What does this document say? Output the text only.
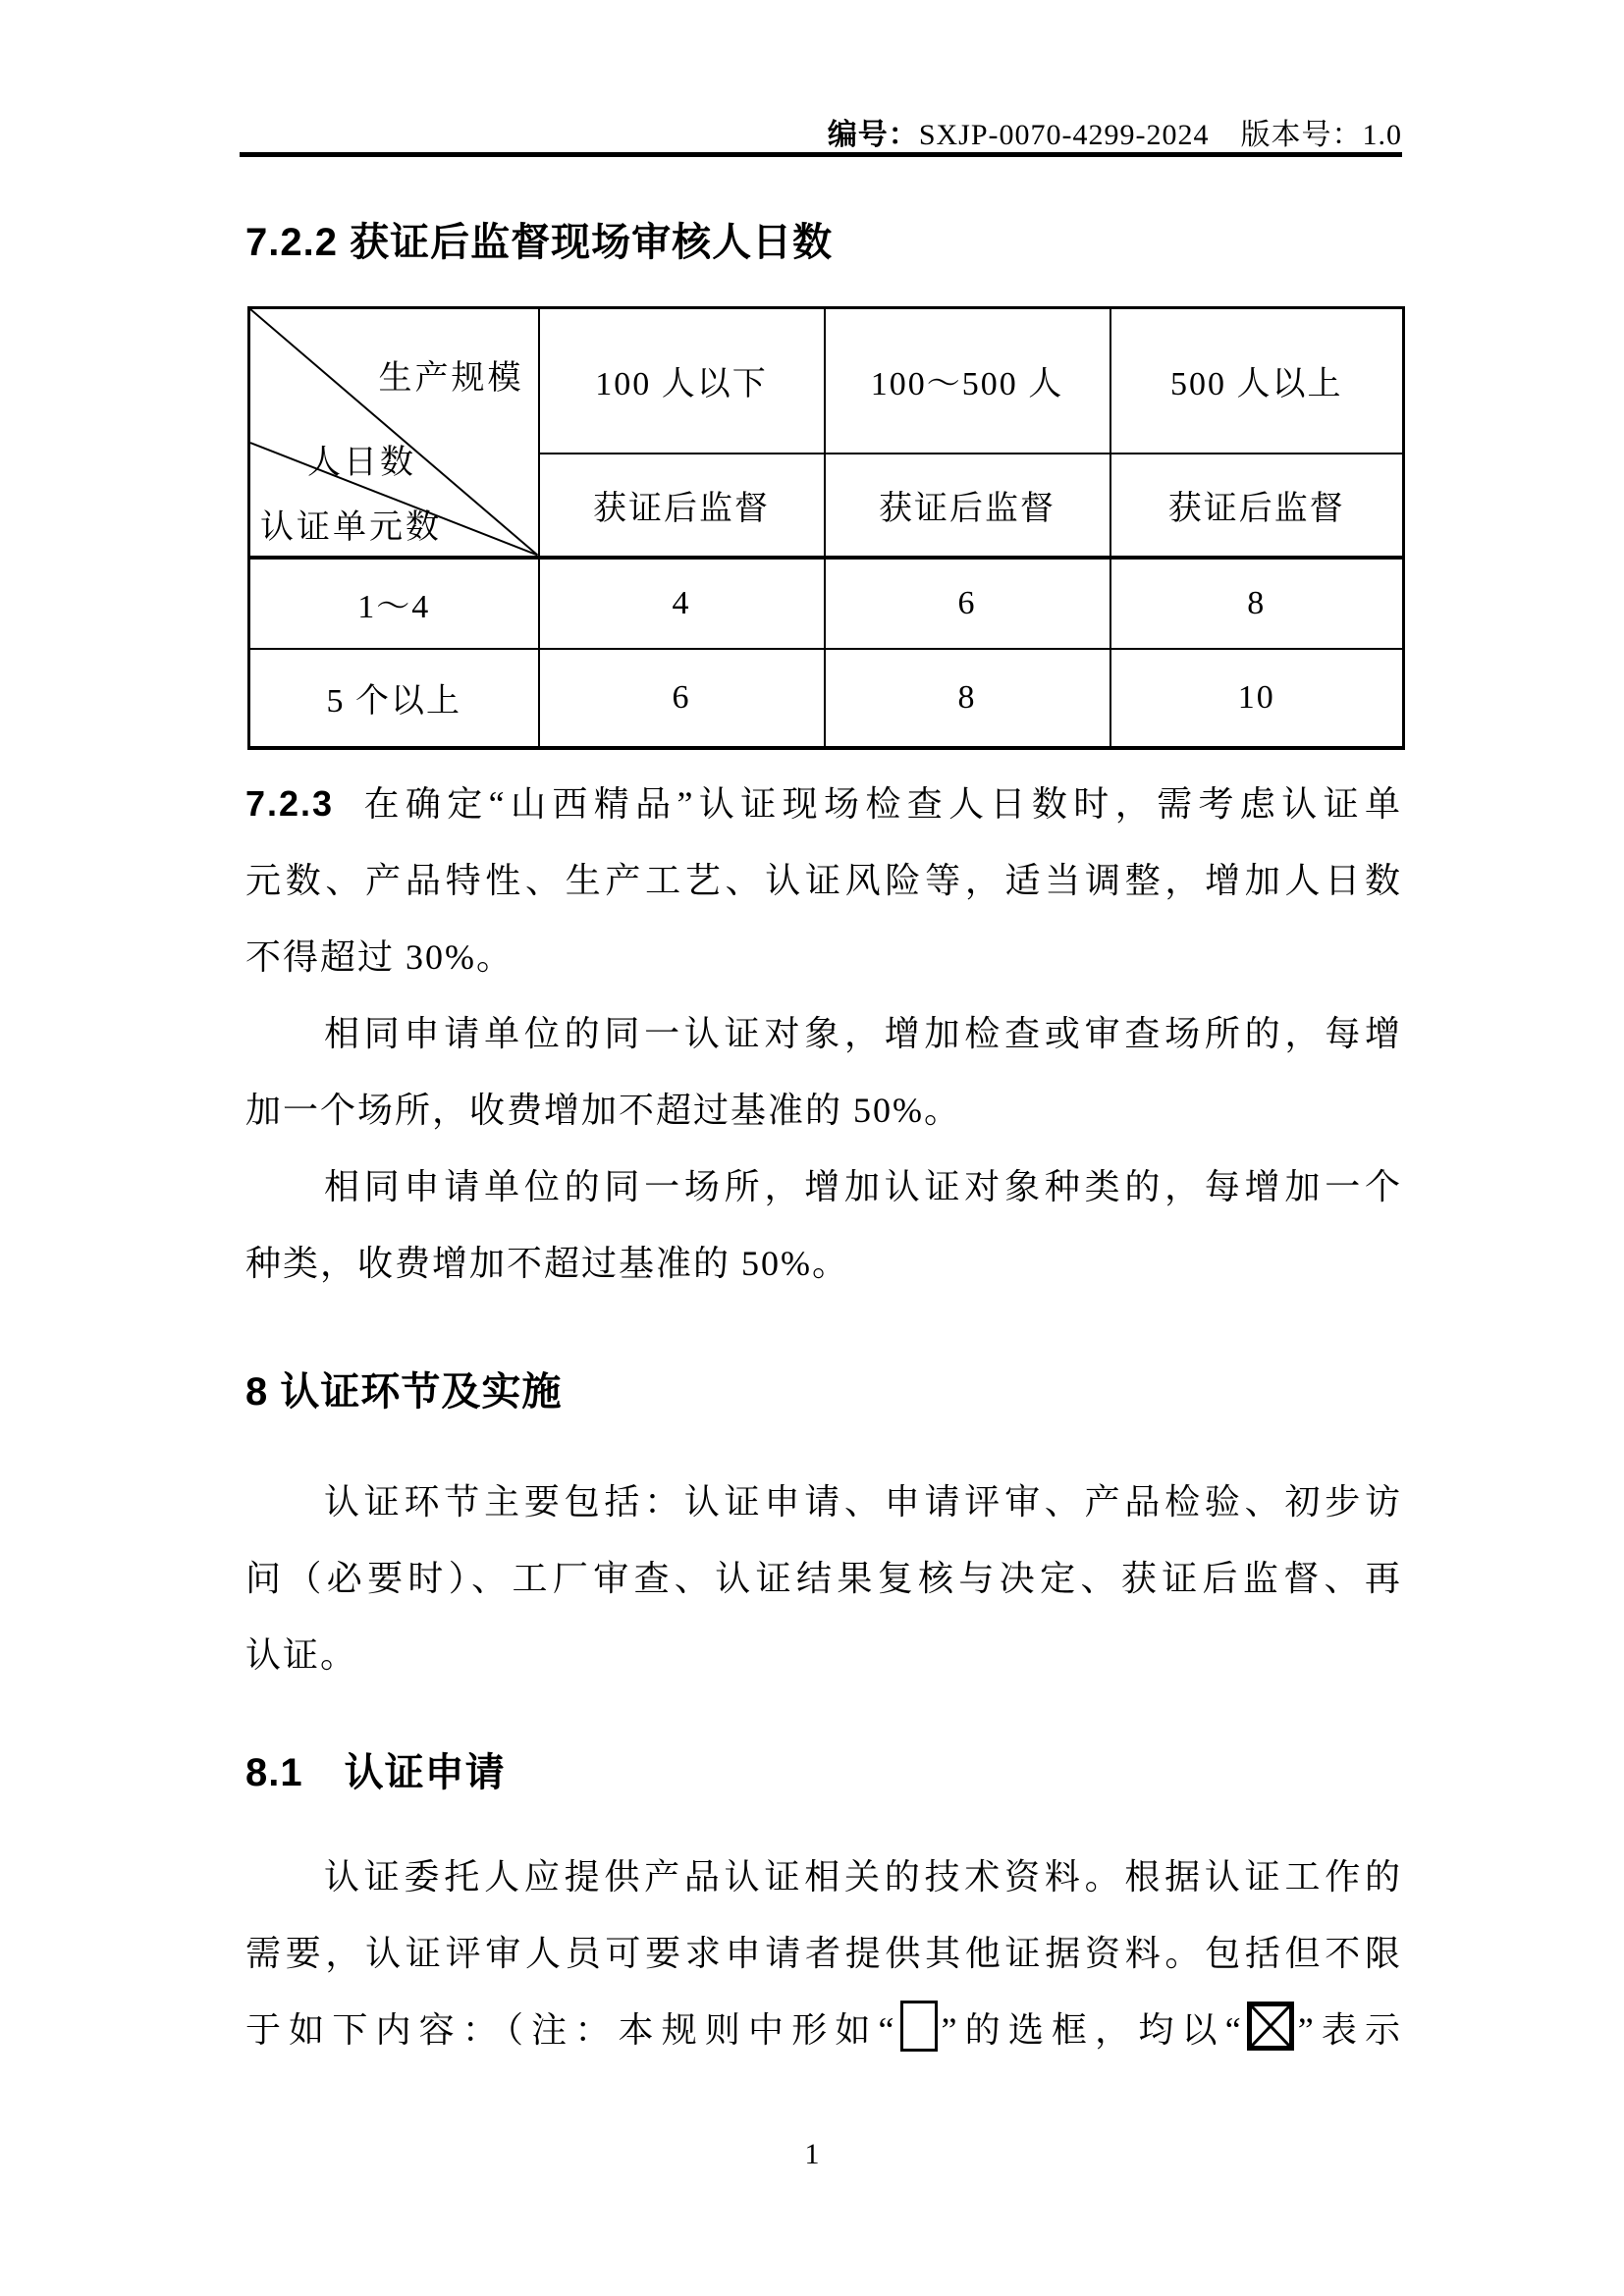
编号：SXJP-0070-4299-2024 版本号：1.0
7.2.2 获证后监督现场审核人日数
生产规模
人日数
认证单元数	100 人以下	100～500 人	500 人以上
	获证后监督	获证后监督	获证后监督
1～4	4	6	8
5 个以上	6	8	10
7.2.3 在确定“山西精品”认证现场检查人日数时，需考虑认证单
元数、产品特性、生产工艺、认证风险等，适当调整，增加人日数
不得超过 30%。
相同申请单位的同一认证对象，增加检查或审查场所的，每增
加一个场所，收费增加不超过基准的 50%。
相同申请单位的同一场所，增加认证对象种类的，每增加一个
种类，收费增加不超过基准的 50%。
8 认证环节及实施
认证环节主要包括：认证申请、申请评审、产品检验、初步访
问（必要时）、工厂审查、认证结果复核与决定、获证后监督、再
认证。
8.1 认证申请
认证委托人应提供产品认证相关的技术资料。根据认证工作的
需要，认证评审人员可要求申请者提供其他证据资料。包括但不限
于如下内容：（注：本规则中形如“ ”的选框，均以“ ”表示
1
